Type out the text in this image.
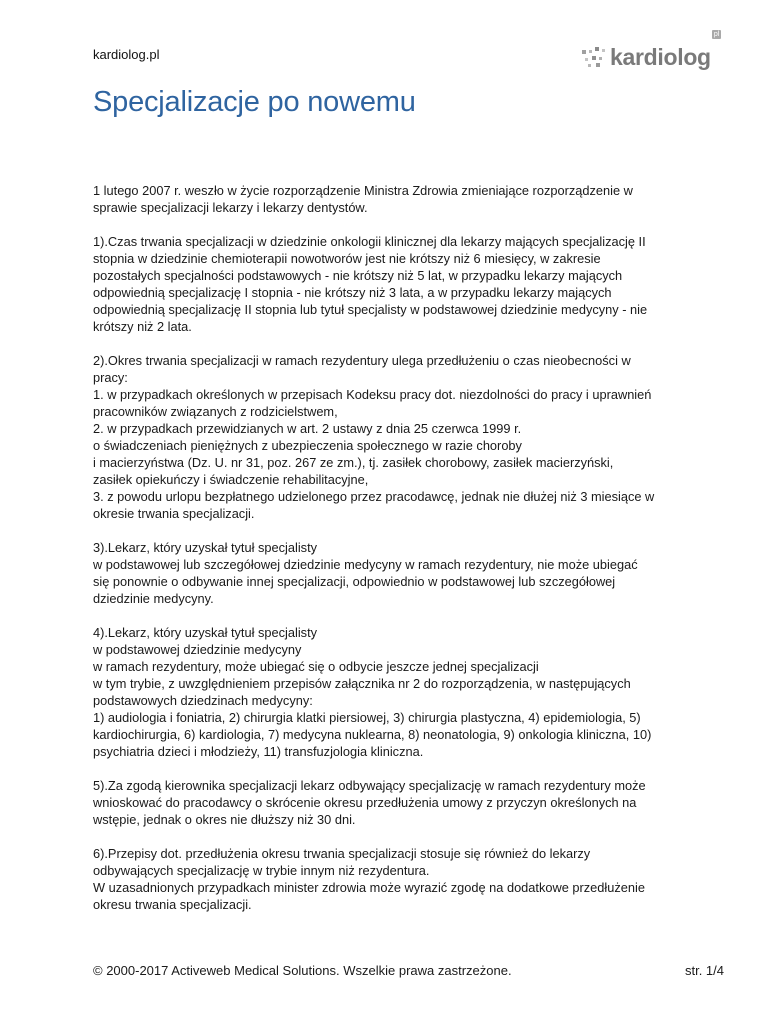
kardiolog.pl	kardiolog
pl
Specjalizacje po nowemu

1 lutego 2007 r. weszło w życie rozporządzenie Ministra Zdrowia zmieniające rozporządzenie w
sprawie specjalizacji lekarzy i lekarzy dentystów.

1).Czas trwania specjalizacji w dziedzinie onkologii klinicznej dla lekarzy mających specjalizację II
stopnia w dziedzinie chemioterapii nowotworów jest nie krótszy niż 6 miesięcy, w zakresie
pozostałych specjalności podstawowych - nie krótszy niż 5 lat, w przypadku lekarzy mających
odpowiednią specjalizację I stopnia - nie krótszy niż 3 lata, a w przypadku lekarzy mających
odpowiednią specjalizację II stopnia lub tytuł specjalisty w podstawowej dziedzinie medycyny - nie
krótszy niż 2 lata.

2).Okres trwania specjalizacji w ramach rezydentury ulega przedłużeniu o czas nieobecności w
pracy:
1. w przypadkach określonych w przepisach Kodeksu pracy dot. niezdolności do pracy i uprawnień
pracowników związanych z rodzicielstwem,
2. w przypadkach przewidzianych w art. 2 ustawy z dnia 25 czerwca 1999 r.
o świadczeniach pieniężnych z ubezpieczenia społecznego w razie choroby
i macierzyństwa (Dz. U. nr 31, poz. 267 ze zm.), tj. zasiłek chorobowy, zasiłek macierzyński,
zasiłek opiekuńczy i świadczenie rehabilitacyjne,
3. z powodu urlopu bezpłatnego udzielonego przez pracodawcę, jednak nie dłużej niż 3 miesiące w
okresie trwania specjalizacji.

3).Lekarz, który uzyskał tytuł specjalisty
w podstawowej lub szczegółowej dziedzinie medycyny w ramach rezydentury, nie może ubiegać
się ponownie o odbywanie innej specjalizacji, odpowiednio w podstawowej lub szczegółowej
dziedzinie medycyny.

4).Lekarz, który uzyskał tytuł specjalisty
w podstawowej dziedzinie medycyny
w ramach rezydentury, może ubiegać się o odbycie jeszcze jednej specjalizacji
w tym trybie, z uwzględnieniem przepisów załącznika nr 2 do rozporządzenia, w następujących
podstawowych dziedzinach medycyny:
1) audiologia i foniatria, 2) chirurgia klatki piersiowej, 3) chirurgia plastyczna, 4) epidemiologia, 5)
kardiochirurgia, 6) kardiologia, 7) medycyna nuklearna, 8) neonatologia, 9) onkologia kliniczna, 10)
psychiatria dzieci i młodzieży, 11) transfuzjologia kliniczna.

5).Za zgodą kierownika specjalizacji lekarz odbywający specjalizację w ramach rezydentury może
wnioskować do pracodawcy o skrócenie okresu przedłużenia umowy z przyczyn określonych na
wstępie, jednak o okres nie dłuższy niż 30 dni.

6).Przepisy dot. przedłużenia okresu trwania specjalizacji stosuje się również do lekarzy
odbywających specjalizację w trybie innym niż rezydentura.
W uzasadnionych przypadkach minister zdrowia może wyrazić zgodę na dodatkowe przedłużenie
okresu trwania specjalizacji.

© 2000-2017 Activeweb Medical Solutions. Wszelkie prawa zastrzeżone.	str. 1/4
